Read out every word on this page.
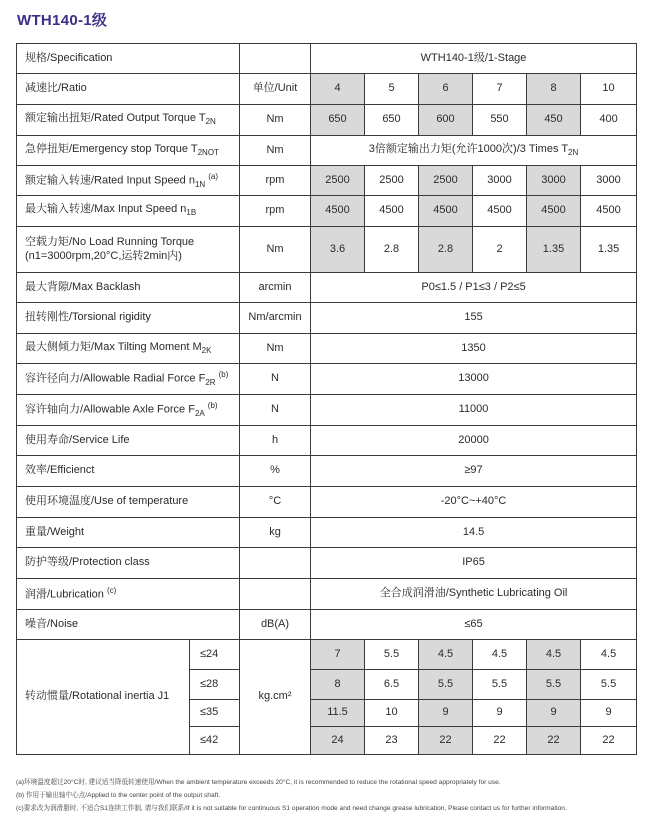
WTH140-1级
规格/Specification			WTH140-1级/1-Stage					
减速比/Ratio		单位/Unit	4	5	6	7	8	10
额定输出扭矩/Rated Output Torque $T_{2N}$		Nm	650	650	600	550	450	400
急停扭矩/Emergency stop Torque $T_{2NOT}$		Nm	3倍额定输出力矩(允许1000次)/3 Times $T_{2N}$
额定输入转速/Rated Input Speed $n_{1N}$ $^{(a)}$		rpm	2500	2500	2500	3000	3000	3000
最大输入转速/Max Input Speed $n_{1B}$		rpm	4500	4500	4500	4500	4500	4500
空载力矩/No Load Running Torque
(n1=3000rpm,20°C,运转2min内)		Nm	3.6	2.8	2.8	2	1.35	1.35
最大背隙/Max Backlash		arcmin	P0≤1.5 / P1≤3 / P2≤5					
扭转刚性/Torsional rigidity		Nm/arcmin	155					
最大侧倾力矩/Max Tilting Moment $M_{2K}$		Nm	1350					
容许径向力/Allowable Radial Force $F_{2R}$ $^{(b)}$		N	13000					
容许轴向力/Allowable Axle Force $F_{2A}$ $^{(b)}$		N	11000					
使用寿命/Service Life		h	20000					
效率/Efficienct		%	≥97					
使用环境温度/Use of temperature		°C	-20°C~+40°C					
重量/Weight		kg	14.5					
防护等级/Protection class			IP65					
润滑/Lubrication $^{(c)}$			全合成润滑油/Synthetic Lubricating Oil					
噪音/Noise		dB(A)	≤65					
转动惯量/Rotational inertia J1	≤24	kg.cm²	7	5.5	4.5	4.5	4.5	4.5
	≤28		8	6.5	5.5	5.5	5.5	5.5
	≤35		11.5	10	9	9	9	9
	≤42		24	23	22	22	22	22
(a)环境温度超过20°C时, 建议适当降低转速使用/When the ambient temperature exceeds 20°C, it is recommended to reduce the rotational speed appropriately for use.
(b) 作用于输出轴中心点/Applied to the center point of the output shaft.
(c)要求改为润滑脂时, 不适合S1连续工作制, 请与我们联系/If it is not suitable for continuous S1 operation mode and need change grease lubrication, Please contact us for further information.
